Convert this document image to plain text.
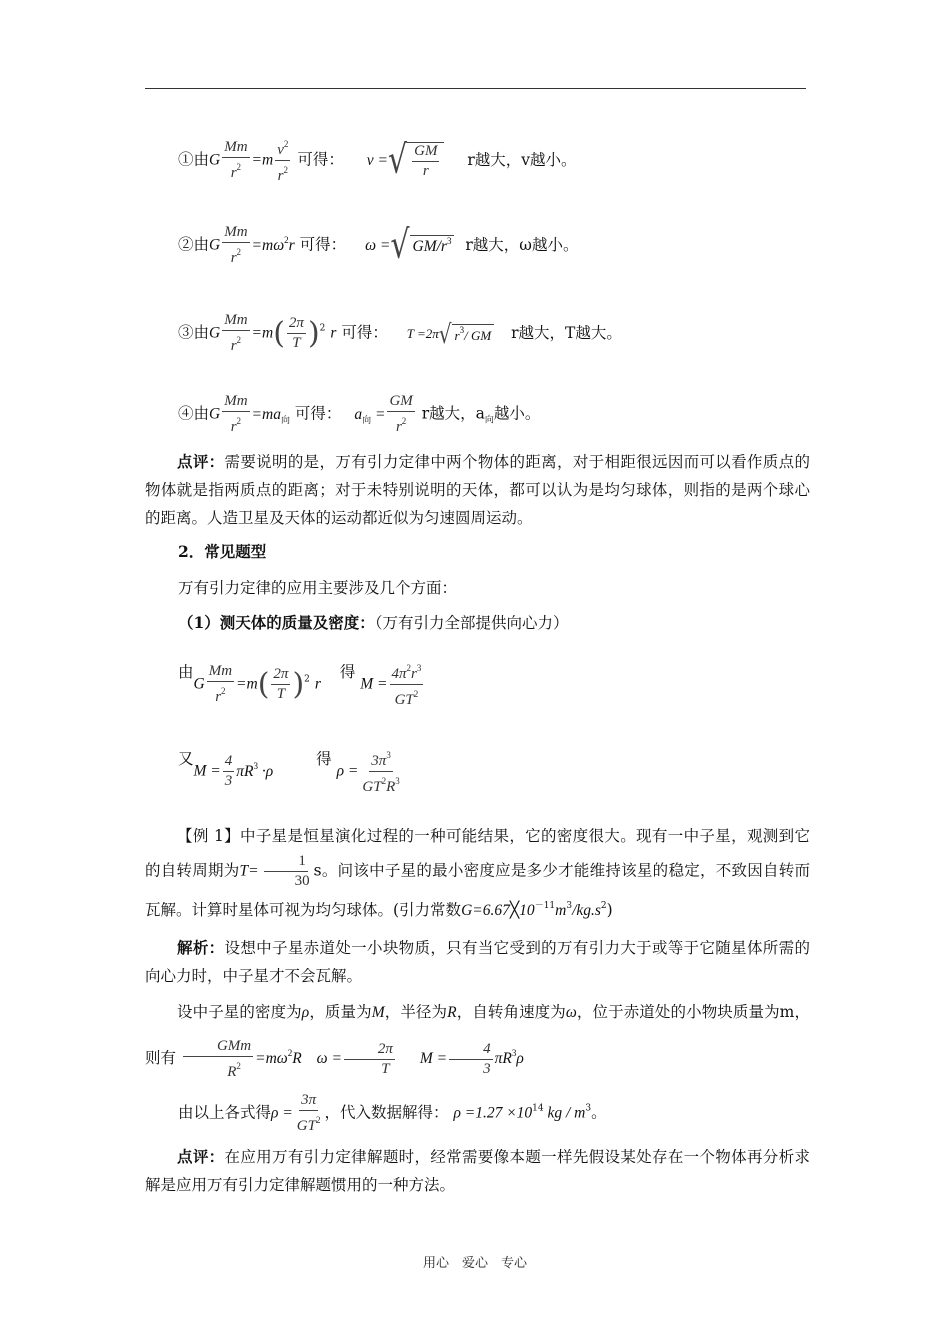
①由G $\frac{Mm}{r^2} =m \frac{v^2}{r^2}$ 可得： v = √ $\frac{GM}{r}$ r越大，v越小。
②由G $\frac{Mm}{r^2} =m\omega^2r$ 可得： ω = √ $GM/r^3$ r越大，ω越小。
③由G $\frac{Mm}{r^2} =m( \frac{2\pi}{T} )^2$ r 可得： T =2π √ $r^3/$ GM r越大，T越大。
④由G $\frac{Mm}{r^2} =ma_向$ 可得： $a_向 = \frac{GM}{r^2}$ r越大，$a_向$越小。
点评：需要说明的是，万有引力定律中两个物体的距离，对于相距很远因而可以看作质点的物体就是指两质点的距离；对于未特别说明的天体，都可以认为是均匀球体，则指的是两个球心的距离。人造卫星及天体的运动都近似为匀速圆周运动。
2．常见题型
万有引力定律的应用主要涉及几个方面：
（1）测天体的质量及密度：（万有引力全部提供向心力）
由G $\frac{Mm}{r^2} =m( \frac{2\pi}{T} )^2$ r 得 $M = \frac{4\pi^2r^3}{GT^2}$
又$M = \frac{4}{3} \pi R^3 \cdot\rho$ 得 $\rho = \frac{3\pi^3}{GT^2R^3}$
【例 1】中子星是恒星演化过程的一种可能结果，它的密度很大。现有一中子星，观测到它的自转周期为$T= \frac{1}{30}$ s。问该中子星的最小密度应是多少才能维持该星的稳定，不致因自转而瓦解。计算时星体可视为均匀球体。(引力常数$G=6.67╳10^{-11}m^3/kg.s^2$)
解析：设想中子星赤道处一小块物质，只有当它受到的万有引力大于或等于它随星体所需的向心力时，中子星才不会瓦解。
设中子星的密度为ρ，质量为M，半径为R，自转角速度为ω，位于赤道处的小物块质量为m，则有
GMm
$R^2 =m\omega^2R$ $\omega = \frac{2\pi}{T}$ $M = \frac{4}{3} \pi R^3\rho$
由以上各式得$\rho = \frac{3\pi}{GT^2}$ ，代入数据解得： $\rho =1.27 \times 10^{14}$ kg / $m^3$。
点评：在应用万有引力定律解题时，经常需要像本题一样先假设某处存在一个物体再分析求解是应用万有引力定律解题惯用的一种方法。
用心　爱心　专心
